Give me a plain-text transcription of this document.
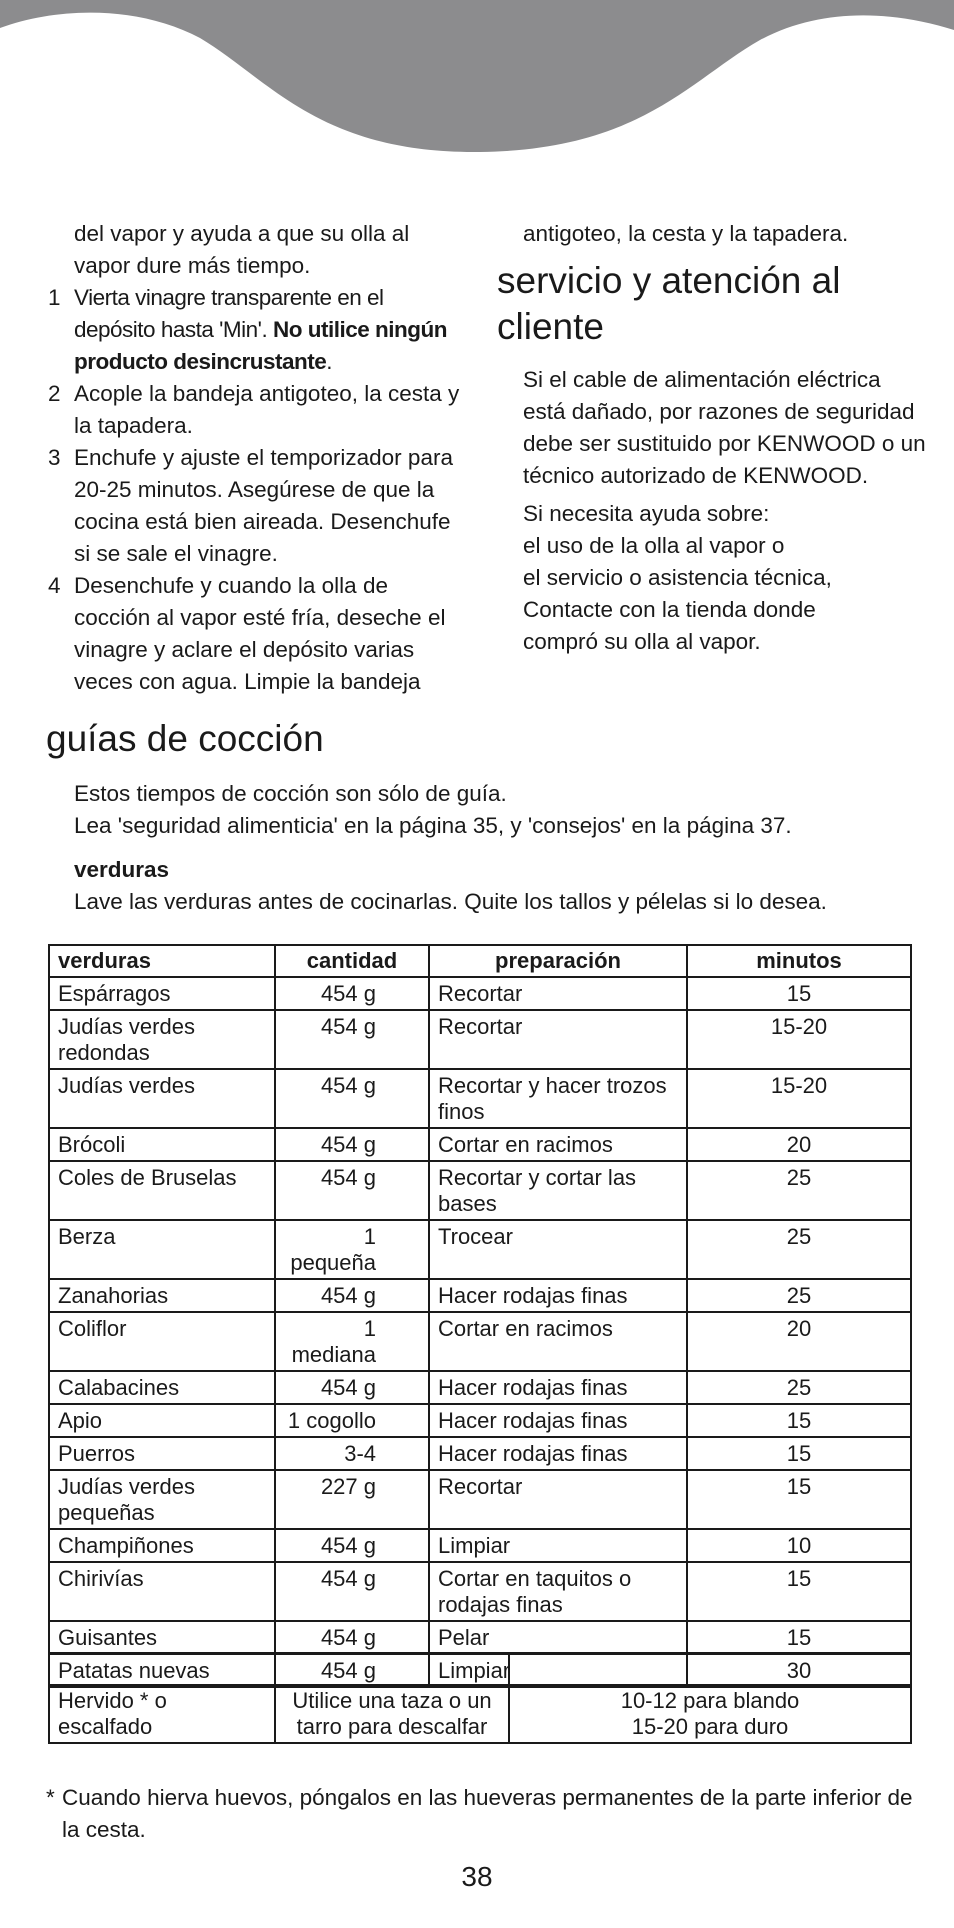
del vapor y ayuda a que su olla al vapor dure más tiempo.

1 Vierta vinagre transparente en el depósito hasta 'Min'. No utilice ningún producto desincrustante.
2 Acople la bandeja antigoteo, la cesta y la tapadera.
3 Enchufe y ajuste el temporizador para 20-25 minutos. Asegúrese de que la cocina está bien aireada. Desenchufe si se sale el vinagre.
4 Desenchufe y cuando la olla de cocción al vapor esté fría, deseche el vinagre y aclare el depósito varias veces con agua. Limpie la bandeja

antigoteo, la cesta y la tapadera.

servicio y atención al cliente

Si el cable de alimentación eléctrica está dañado, por razones de seguridad debe ser sustituido por KENWOOD o un técnico autorizado de KENWOOD.

Si necesita ayuda sobre:
el uso de la olla al vapor o
el servicio o asistencia técnica,
Contacte con la tienda donde
compró su olla al vapor.

guías de cocción

Estos tiempos de cocción son sólo de guía.

Lea 'seguridad alimenticia' en la página 35, y 'consejos' en la página 37.

verduras

Lave las verduras antes de cocinarlas. Quite los tallos y pélelas si lo desea.

verduras	cantidad	preparación	minutos
Espárragos	454 g	Recortar	15
Judías verdes redondas	454 g	Recortar	15-20
Judías verdes	454 g	Recortar y hacer trozos finos	15-20
Brócoli	454 g	Cortar en racimos	20
Coles de Bruselas	454 g	Recortar y cortar las bases	25
Berza	1 pequeña	Trocear	25
Zanahorias	454 g	Hacer rodajas finas	25
Coliflor	1 mediana	Cortar en racimos	20
Calabacines	454 g	Hacer rodajas finas	25
Apio	1 cogollo	Hacer rodajas finas	15
Puerros	3-4	Hacer rodajas finas	15
Judías verdes pequeñas	227 g	Recortar	15
Champiñones	454 g	Limpiar	10
Chirivías	454 g	Cortar en taquitos o rodajas finas	15
Guisantes	454 g	Pelar	15
Patatas nuevas	454 g	Limpiar	30

Hervido * o escalfado	Utilice una taza o un tarro para descalfar	10-12 para blando
15-20 para duro
* Cuando hierva huevos, póngalos en las hueveras permanentes de la parte inferior de la cesta.
38
